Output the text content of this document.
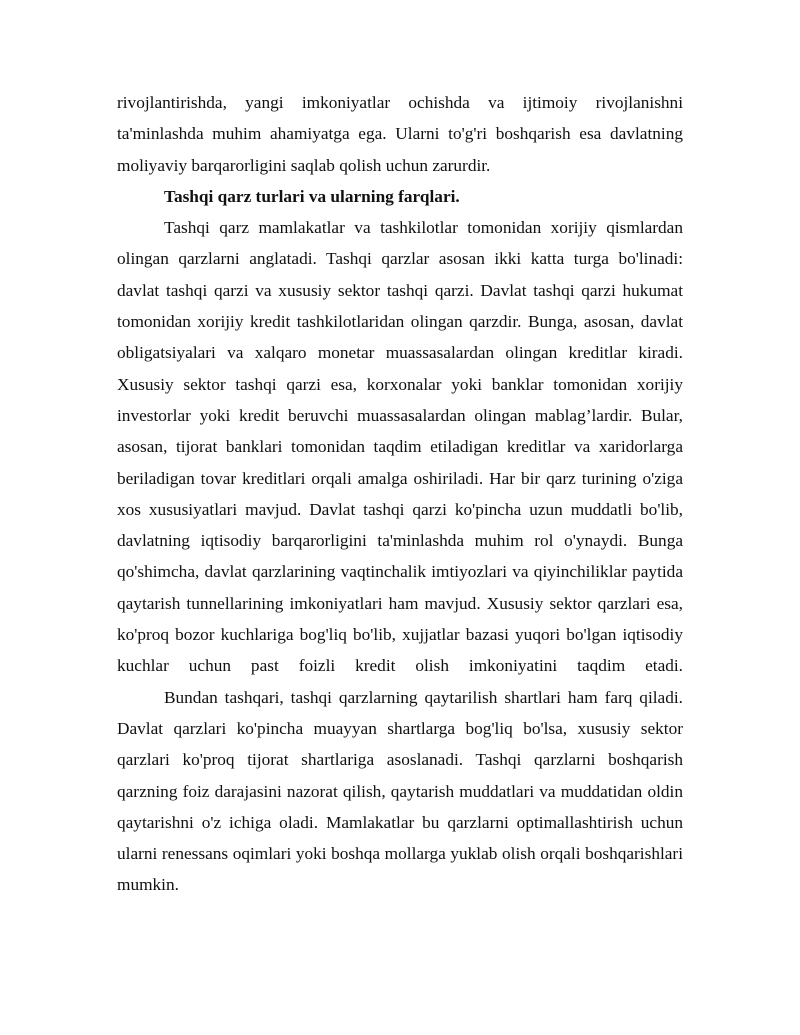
rivojlantirishda, yangi imkoniyatlar ochishda va ijtimoiy rivojlanishni ta'minlashda muhim ahamiyatga ega. Ularni to'g'ri boshqarish esa davlatning moliyaviy barqarorligini saqlab qolish uchun zarurdir.

Tashqi qarz turlari va ularning farqlari.

Tashqi qarz mamlakatlar va tashkilotlar tomonidan xorijiy qismlardan olingan qarzlarni anglatadi. Tashqi qarzlar asosan ikki katta turga bo'linadi: davlat tashqi qarzi va xususiy sektor tashqi qarzi. Davlat tashqi qarzi hukumat tomonidan xorijiy kredit tashkilotlaridan olingan qarzdir. Bunga, asosan, davlat obligatsiyalari va xalqaro monetar muassasalardan olingan kreditlar kiradi. Xususiy sektor tashqi qarzi esa, korxonalar yoki banklar tomonidan xorijiy investorlar yoki kredit beruvchi muassasalardan olingan mablag’lardir. Bular, asosan, tijorat banklari tomonidan taqdim etiladigan kreditlar va xaridorlarga beriladigan tovar kreditlari orqali amalga oshiriladi. Har bir qarz turining o'ziga xos xususiyatlari mavjud. Davlat tashqi qarzi ko'pincha uzun muddatli bo'lib, davlatning iqtisodiy barqarorligini ta'minlashda muhim rol o'ynaydi. Bunga qo'shimcha, davlat qarzlarining vaqtinchalik imtiyozlari va qiyinchiliklar paytida qaytarish tunnellarining imkoniyatlari ham mavjud. Xususiy sektor qarzlari esa, ko'proq bozor kuchlariga bog'liq bo'lib, xujjatlar bazasi yuqori bo'lgan iqtisodiy kuchlar uchun past foizli kredit olish imkoniyatini taqdim etadi.

Bundan tashqari, tashqi qarzlarning qaytarilish shartlari ham farq qiladi. Davlat qarzlari ko'pincha muayyan shartlarga bog'liq bo'lsa, xususiy sektor qarzlari ko'proq tijorat shartlariga asoslanadi. Tashqi qarzlarni boshqarish qarzning foiz darajasini nazorat qilish, qaytarish muddatlari va muddatidan oldin qaytarishni o'z ichiga oladi. Mamlakatlar bu qarzlarni optimallashtirish uchun ularni renessans oqimlari yoki boshqa mollarga yuklab olish orqali boshqarishlari mumkin.
